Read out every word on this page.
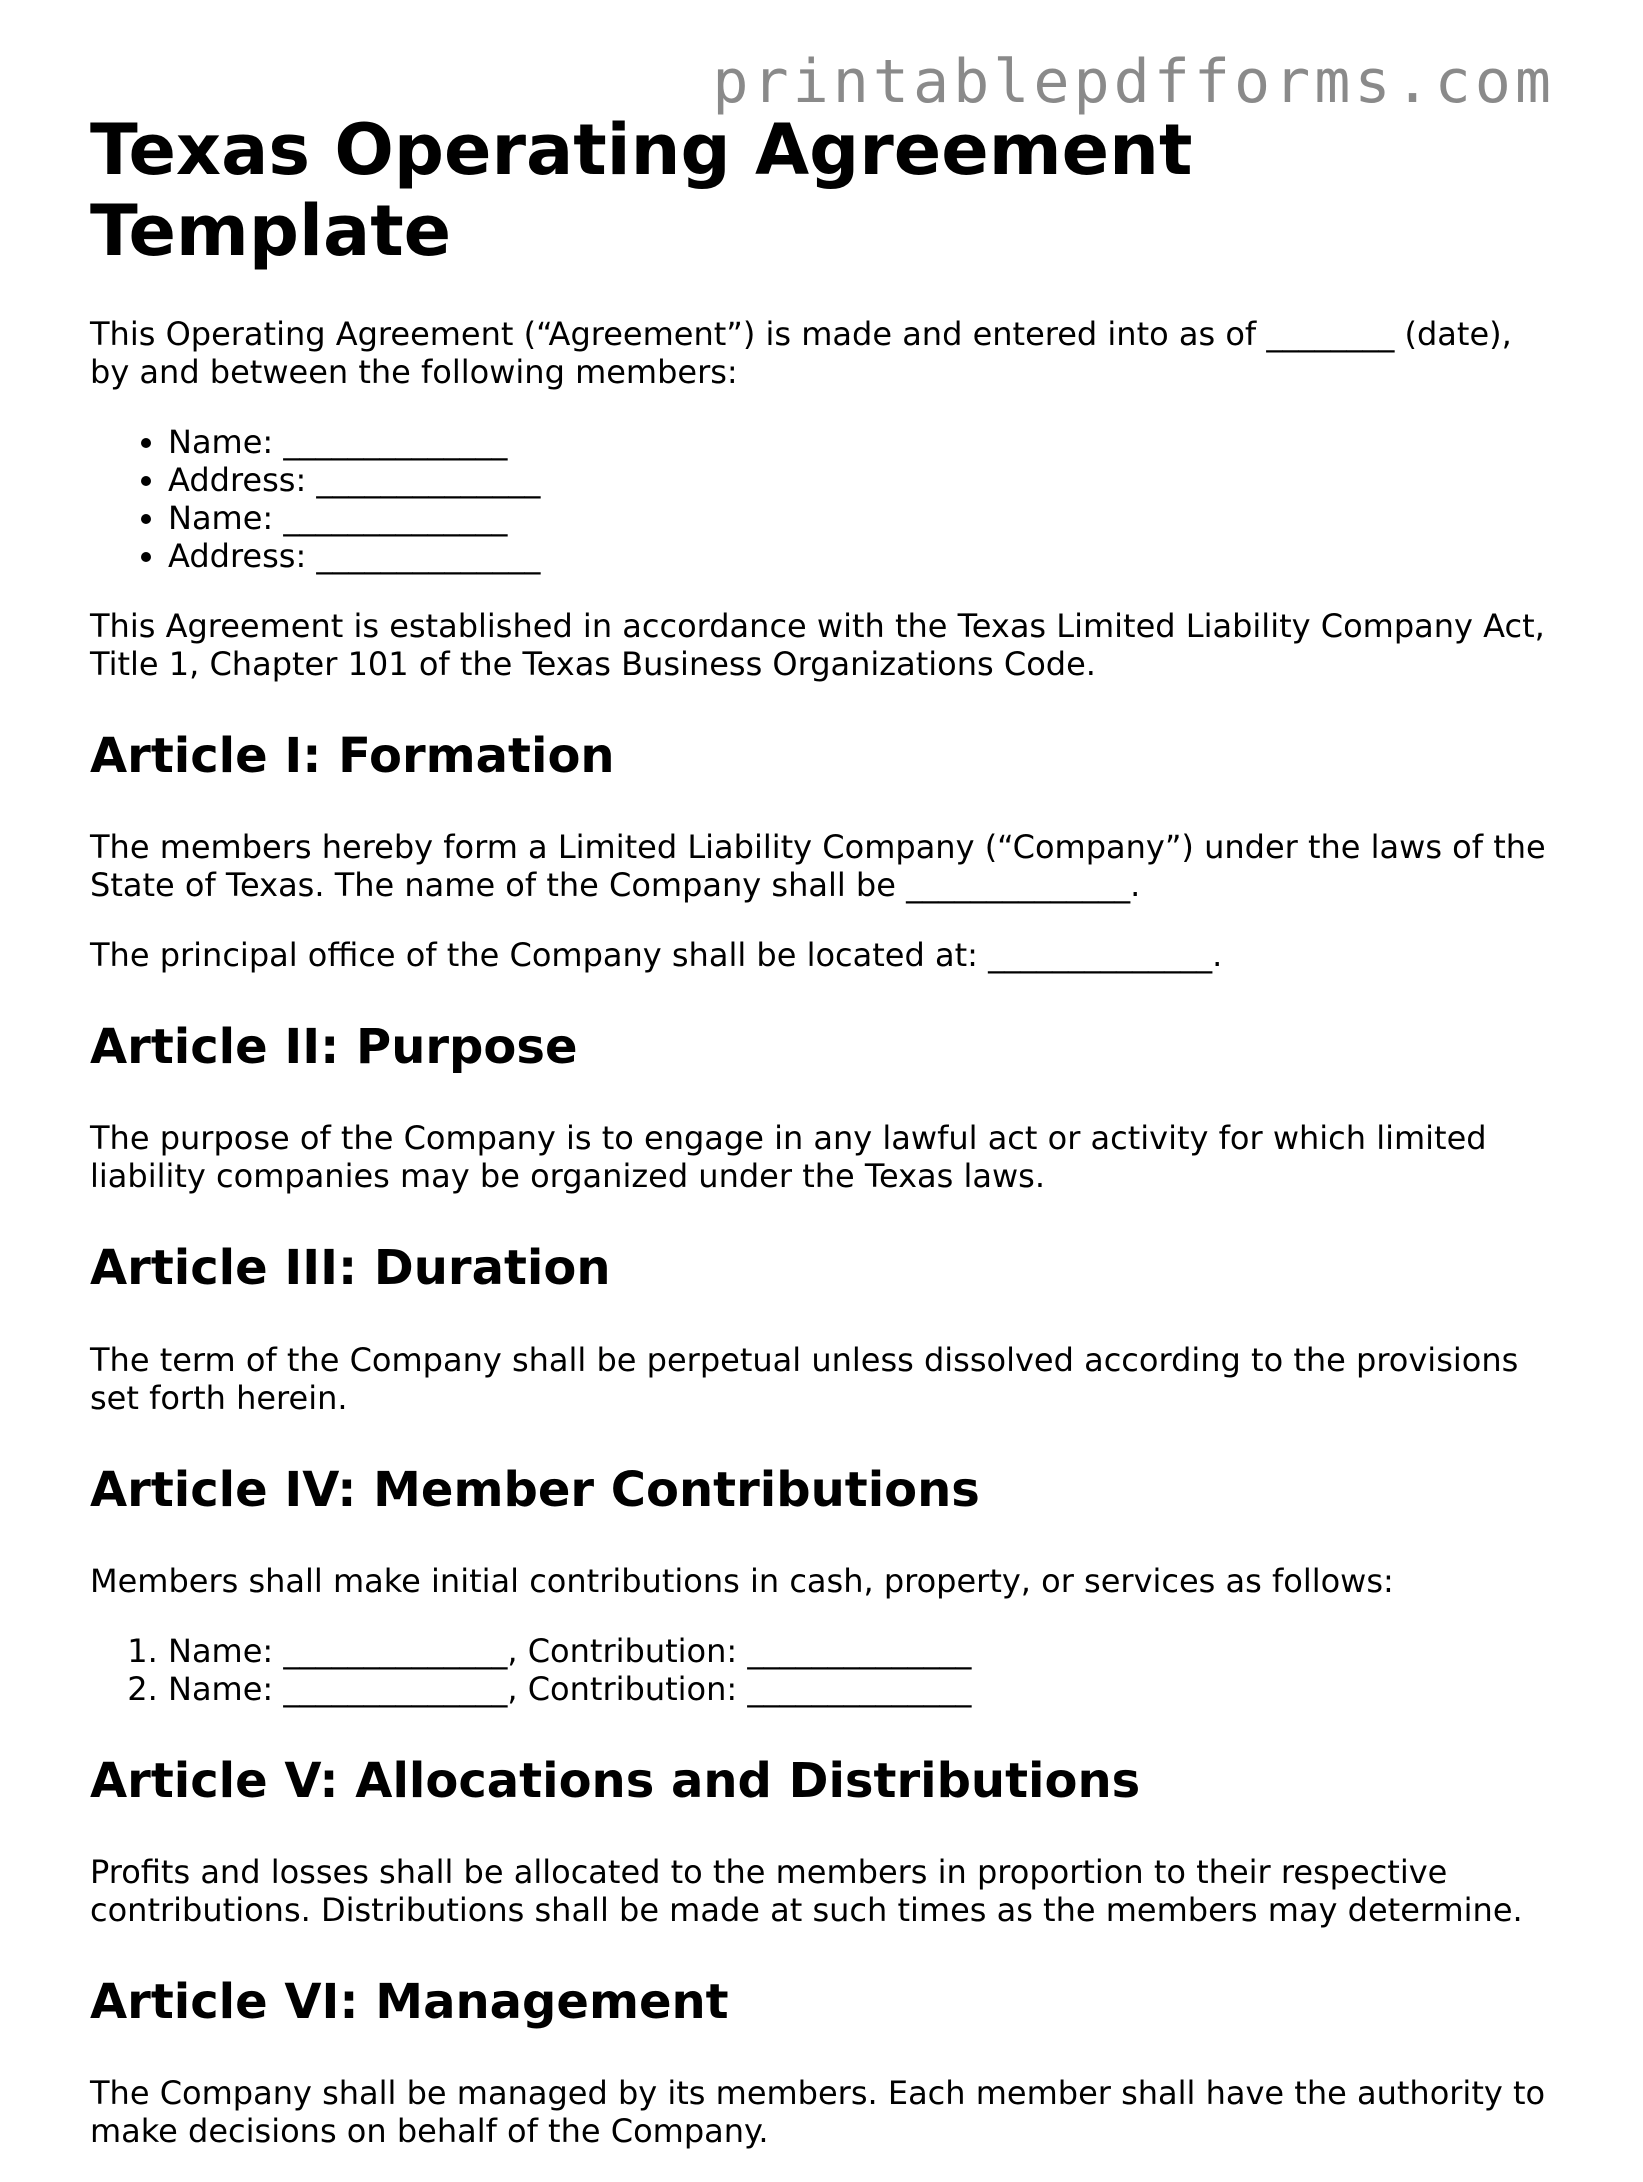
printablepdfforms.com
Texas Operating Agreement Template

This Operating Agreement (“Agreement”) is made and entered into as of ________ (date), by and between the following members:

• Name: ______________
• Address: ______________
• Name: ______________
• Address: ______________

This Agreement is established in accordance with the Texas Limited Liability Company Act, Title 1, Chapter 101 of the Texas Business Organizations Code.

Article I: Formation

The members hereby form a Limited Liability Company (“Company”) under the laws of the State of Texas. The name of the Company shall be ______________.

The principal office of the Company shall be located at: ______________.

Article II: Purpose

The purpose of the Company is to engage in any lawful act or activity for which limited liability companies may be organized under the Texas laws.

Article III: Duration

The term of the Company shall be perpetual unless dissolved according to the provisions set forth herein.

Article IV: Member Contributions

Members shall make initial contributions in cash, property, or services as follows:

1. Name: ______________, Contribution: ______________
2. Name: ______________, Contribution: ______________
Article V: Allocations and Distributions

Profits and losses shall be allocated to the members in proportion to their respective contributions. Distributions shall be made at such times as the members may determine.

Article VI: Management

The Company shall be managed by its members. Each member shall have the authority to make decisions on behalf of the Company.
